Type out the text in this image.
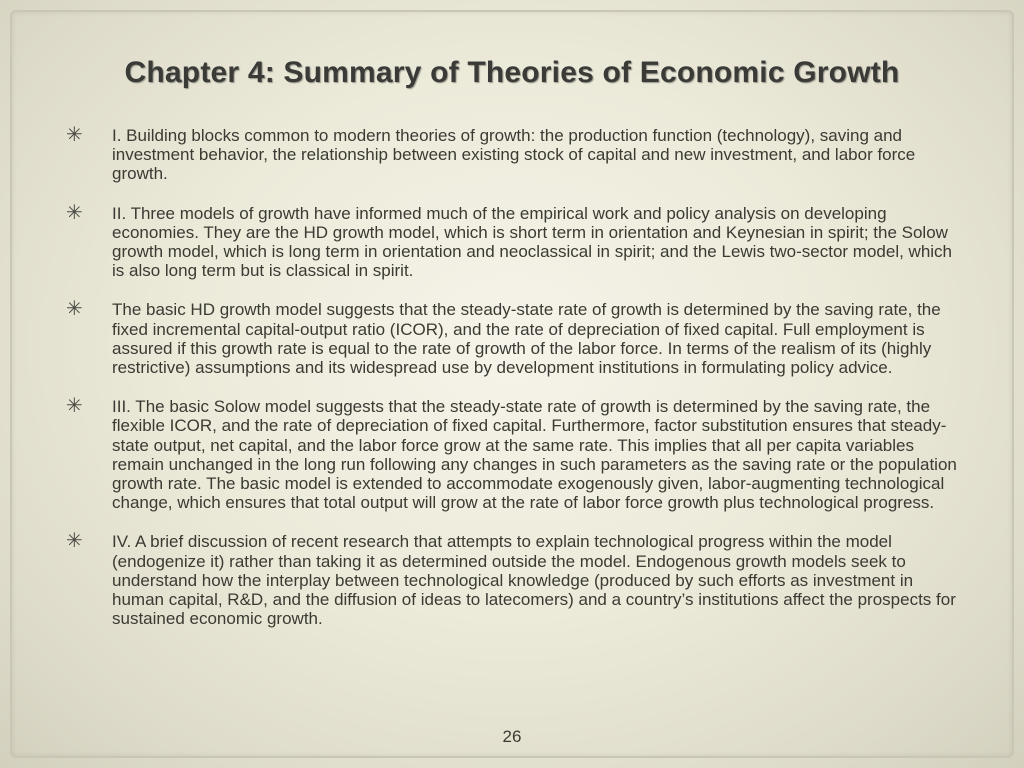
Chapter 4: Summary of Theories of Economic Growth
✳ I. Building blocks common to modern theories of growth: the production function (technology), saving and investment behavior, the relationship between existing stock of capital and new investment, and labor force growth.
✳ II. Three models of growth have informed much of the empirical work and policy analysis on developing economies. They are the HD growth model, which is short term in orientation and Keynesian in spirit; the Solow growth model, which is long term in orientation and neoclassical in spirit; and the Lewis two-sector model, which is also long term but is classical in spirit.
✳ The basic HD growth model suggests that the steady-state rate of growth is determined by the saving rate, the fixed incremental capital-output ratio (ICOR), and the rate of depreciation of fixed capital. Full employment is assured if this growth rate is equal to the rate of growth of the labor force. In terms of the realism of its (highly restrictive) assumptions and its widespread use by development institutions in formulating policy advice.
✳ III. The basic Solow model suggests that the steady-state rate of growth is determined by the saving rate, the flexible ICOR, and the rate of depreciation of fixed capital. Furthermore, factor substitution ensures that steady-state output, net capital, and the labor force grow at the same rate. This implies that all per capita variables remain unchanged in the long run following any changes in such parameters as the saving rate or the population growth rate. The basic model is extended to accommodate exogenously given, labor-augmenting technological change, which ensures that total output will grow at the rate of labor force growth plus technological progress.
✳ IV. A brief discussion of recent research that attempts to explain technological progress within the model (endogenize it) rather than taking it as determined outside the model. Endogenous growth models seek to understand how the interplay between technological knowledge (produced by such efforts as investment in human capital, R&D, and the diffusion of ideas to latecomers) and a country’s institutions affect the prospects for sustained economic growth.
26
